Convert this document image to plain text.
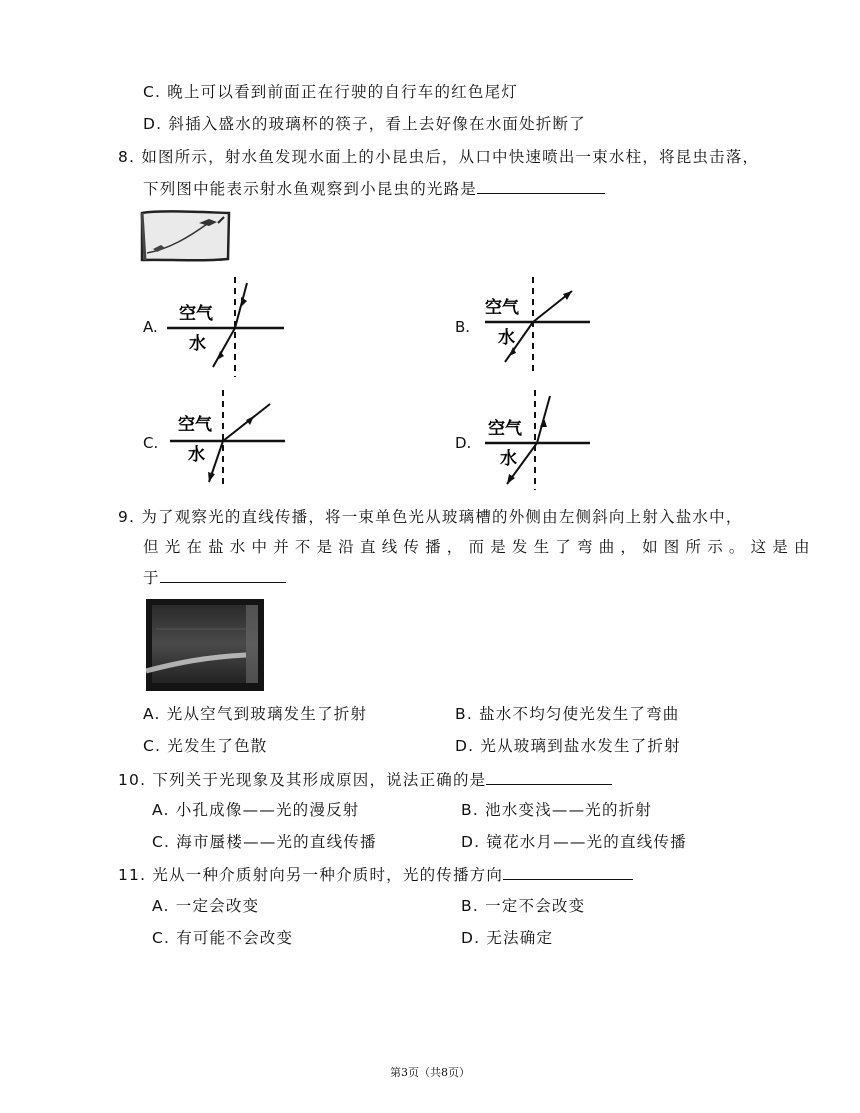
C. 晚上可以看到前面正在行驶的自行车的红色尾灯
D. 斜插入盛水的玻璃杯的筷子，看上去好像在水面处折断了
8. 如图所示，射水鱼发现水面上的小昆虫后，从口中快速喷出一束水柱，将昆虫击落，
下列图中能表示射水鱼观察到小昆虫的光路是
A.	B.
C.	D.
空气
水
空气
水
空气
水
空气
水
9. 为了观察光的直线传播，将一束单色光从玻璃槽的外侧由左侧斜向上射入盐水中，
但光在盐水中并不是沿直线传播，而是发生了弯曲，如图所示。这是由
于
A. 光从空气到玻璃发生了折射	B. 盐水不均匀使光发生了弯曲
C. 光发生了色散	D. 光从玻璃到盐水发生了折射
10. 下列关于光现象及其形成原因，说法正确的是
A. 小孔成像——光的漫反射	B. 池水变浅——光的折射
C. 海市蜃楼——光的直线传播	D. 镜花水月——光的直线传播
11. 光从一种介质射向另一种介质时，光的传播方向
A. 一定会改变	B. 一定不会改变
C. 有可能不会改变	D. 无法确定
第3页（共8页）
